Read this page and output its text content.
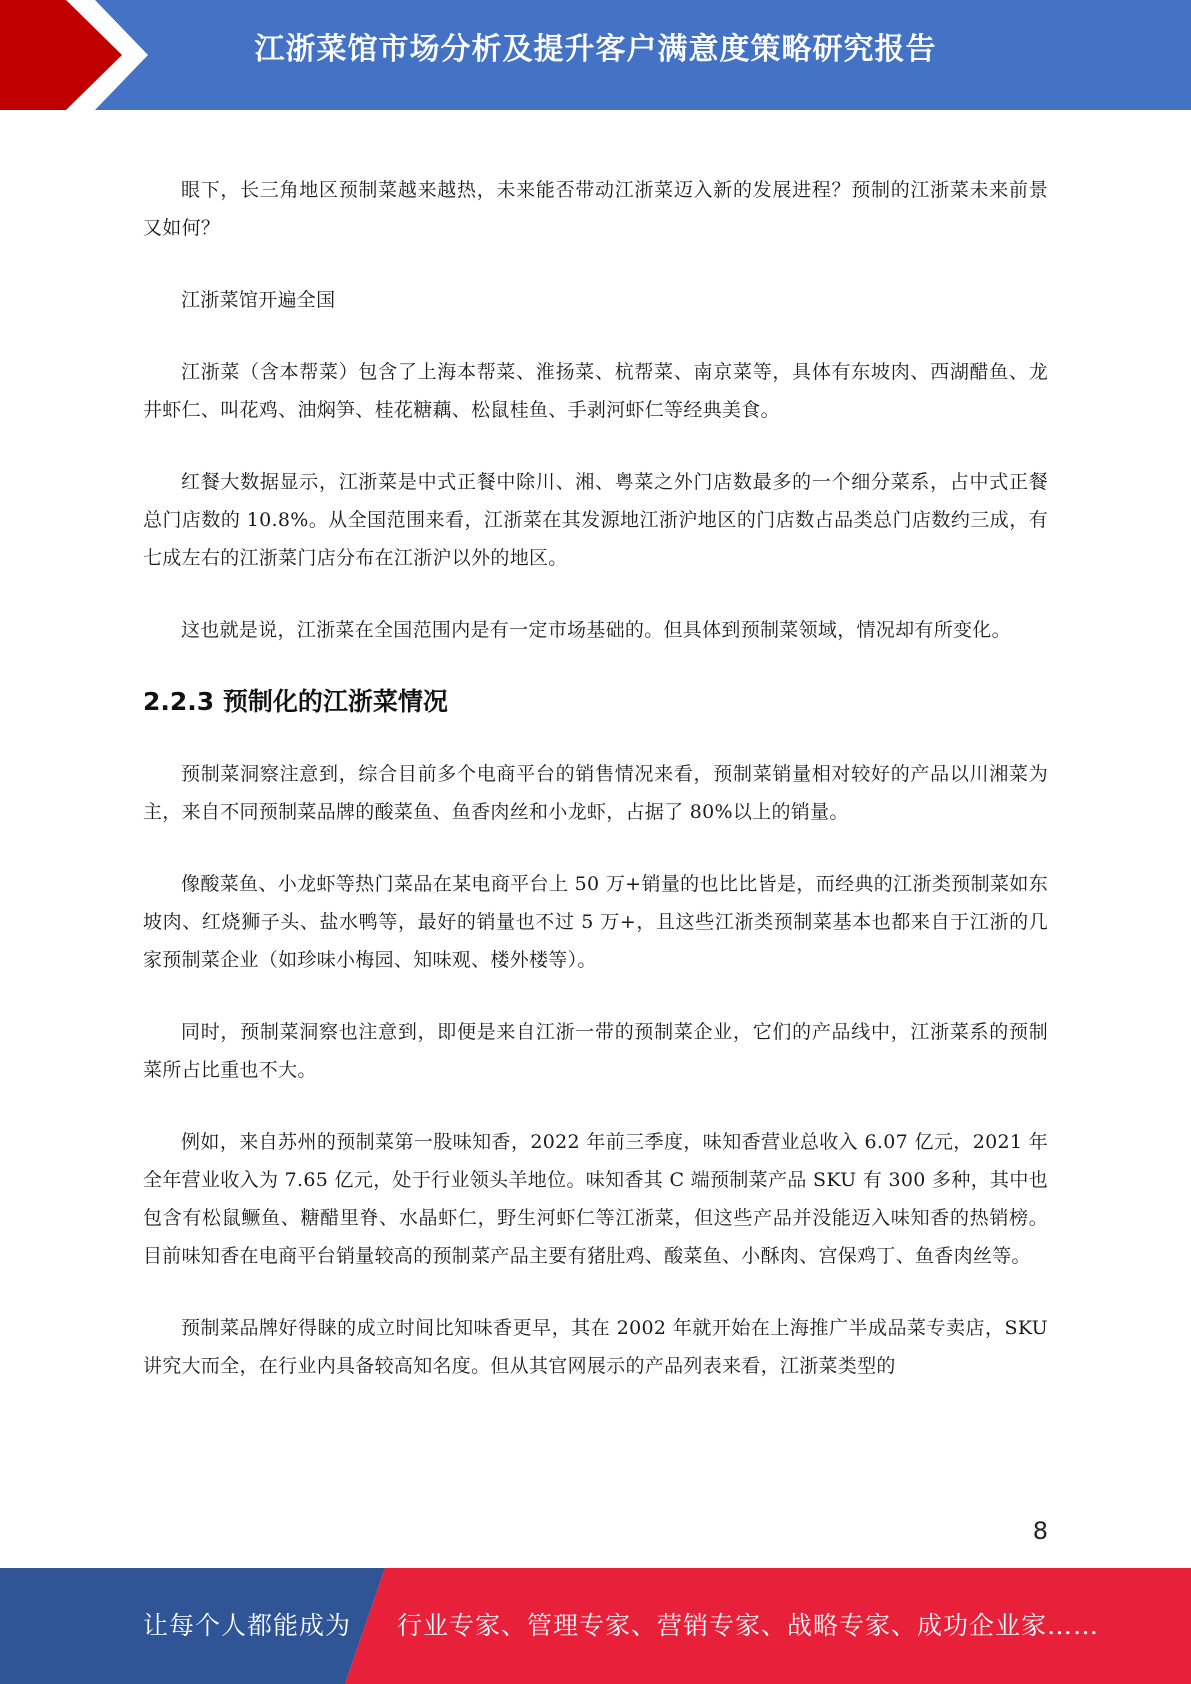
江浙菜馆市场分析及提升客户满意度策略研究报告

眼下，长三角地区预制菜越来越热，未来能否带动江浙菜迈入新的发展进程？预制的江浙菜未来前景又如何？

江浙菜馆开遍全国

江浙菜（含本帮菜）包含了上海本帮菜、淮扬菜、杭帮菜、南京菜等，具体有东坡肉、西湖醋鱼、龙井虾仁、叫花鸡、油焖笋、桂花糖藕、松鼠桂鱼、手剥河虾仁等经典美食。

红餐大数据显示，江浙菜是中式正餐中除川、湘、粤菜之外门店数最多的一个细分菜系，占中式正餐总门店数的 10.8%。从全国范围来看，江浙菜在其发源地江浙沪地区的门店数占品类总门店数约三成，有七成左右的江浙菜门店分布在江浙沪以外的地区。

这也就是说，江浙菜在全国范围内是有一定市场基础的。但具体到预制菜领域，情况却有所变化。

2.2.3 预制化的江浙菜情况

预制菜洞察注意到，综合目前多个电商平台的销售情况来看，预制菜销量相对较好的产品以川湘菜为主，来自不同预制菜品牌的酸菜鱼、鱼香肉丝和小龙虾，占据了 80%以上的销量。

像酸菜鱼、小龙虾等热门菜品在某电商平台上 50 万+销量的也比比皆是，而经典的江浙类预制菜如东坡肉、红烧狮子头、盐水鸭等，最好的销量也不过 5 万+，且这些江浙类预制菜基本也都来自于江浙的几家预制菜企业（如珍味小梅园、知味观、楼外楼等）。

同时，预制菜洞察也注意到，即便是来自江浙一带的预制菜企业，它们的产品线中，江浙菜系的预制菜所占比重也不大。

例如，来自苏州的预制菜第一股味知香，2022 年前三季度，味知香营业总收入 6.07 亿元，2021 年全年营业收入为 7.65 亿元，处于行业领头羊地位。味知香其 C 端预制菜产品 SKU 有 300 多种，其中也包含有松鼠鳜鱼、糖醋里脊、水晶虾仁，野生河虾仁等江浙菜，但这些产品并没能迈入味知香的热销榜。目前味知香在电商平台销量较高的预制菜产品主要有猪肚鸡、酸菜鱼、小酥肉、宫保鸡丁、鱼香肉丝等。

预制菜品牌好得睐的成立时间比知味香更早，其在 2002 年就开始在上海推广半成品菜专卖店，SKU 讲究大而全，在行业内具备较高知名度。但从其官网展示的产品列表来看，江浙菜类型的

8
让每个人都能成为 行业专家、管理专家、营销专家、战略专家、成功企业家……
